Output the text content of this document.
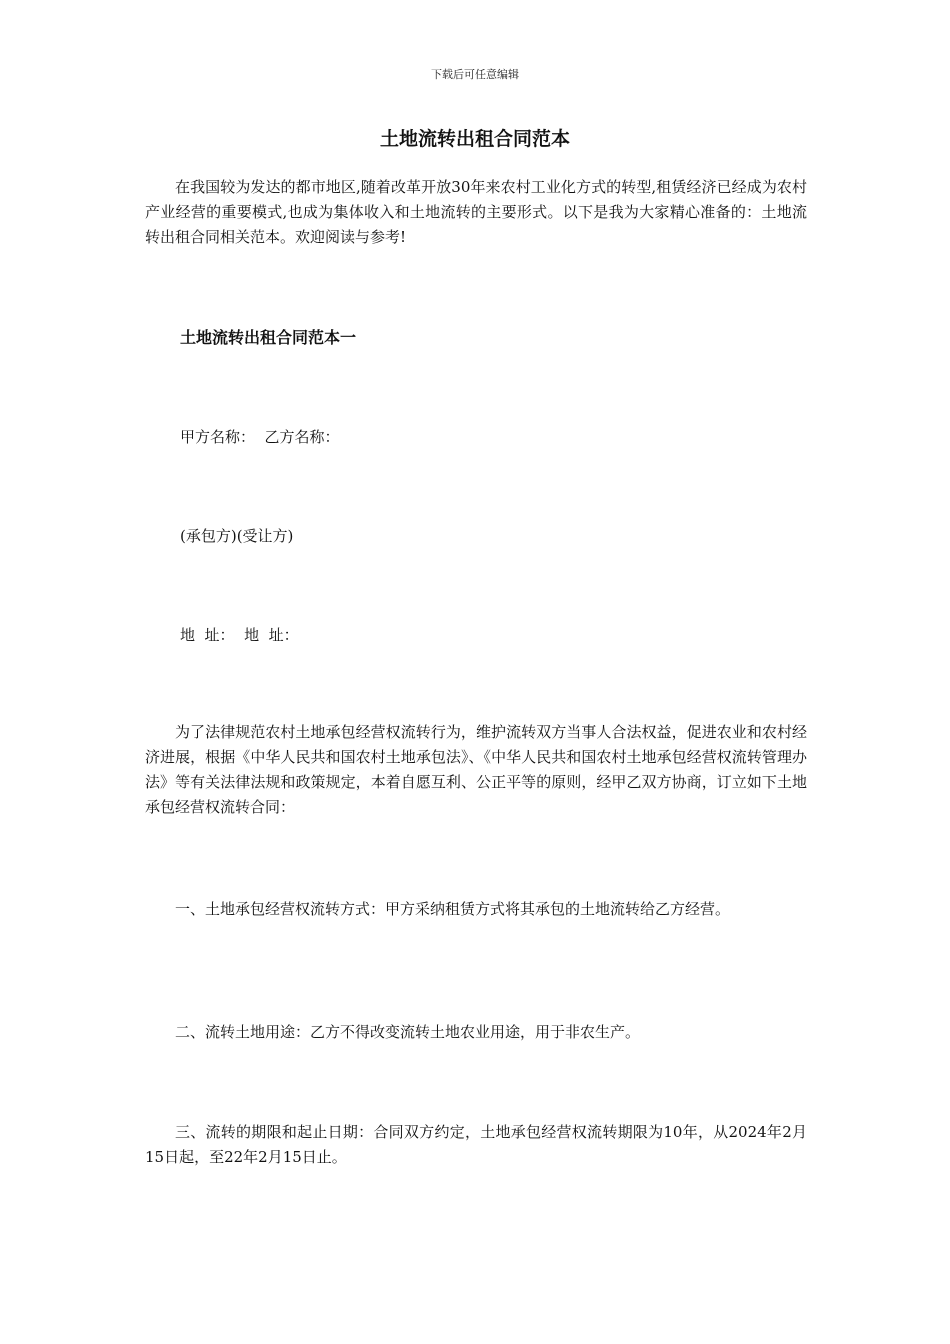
下载后可任意编辑
土地流转出租合同范本

在我国较为发达的都市地区,随着改革开放30年来农村工业化方式的转型,租赁经济已经成为农村产业经营的重要模式,也成为集体收入和土地流转的主要形式。以下是我为大家精心准备的：土地流转出租合同相关范本。欢迎阅读与参考!

土地流转出租合同范本一

甲方名称：  乙方名称：

(承包方)(受让方)

地  址：  地  址：

为了法律规范农村土地承包经营权流转行为，维护流转双方当事人合法权益，促进农业和农村经济进展，根据《中华人民共和国农村土地承包法》、《中华人民共和国农村土地承包经营权流转管理办法》等有关法律法规和政策规定，本着自愿互利、公正平等的原则，经甲乙双方协商，订立如下土地承包经营权流转合同：

一、土地承包经营权流转方式：甲方采纳租赁方式将其承包的土地流转给乙方经营。

二、流转土地用途：乙方不得改变流转土地农业用途，用于非农生产。

三、流转的期限和起止日期：合同双方约定，土地承包经营权流转期限为10年，从2024年2月15日起，至22年2月15日止。
